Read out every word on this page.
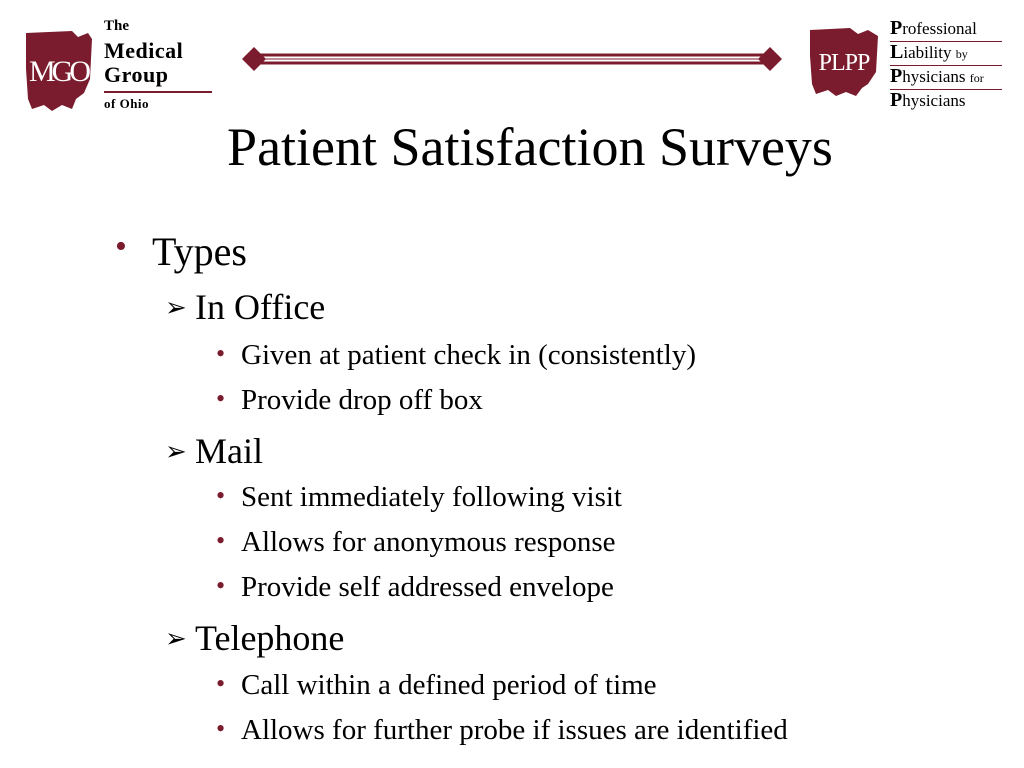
MGO
The
Medical
Group
of Ohio
PLPP
Professional
Liability by
Physicians for
Physicians
Patient Satisfaction Surveys
• Types
➢ In Office
• Given at patient check in (consistently)
• Provide drop off box
➢ Mail
• Sent immediately following visit
• Allows for anonymous response
• Provide self addressed envelope
➢ Telephone
• Call within a defined period of time
• Allows for further probe if issues are identified
